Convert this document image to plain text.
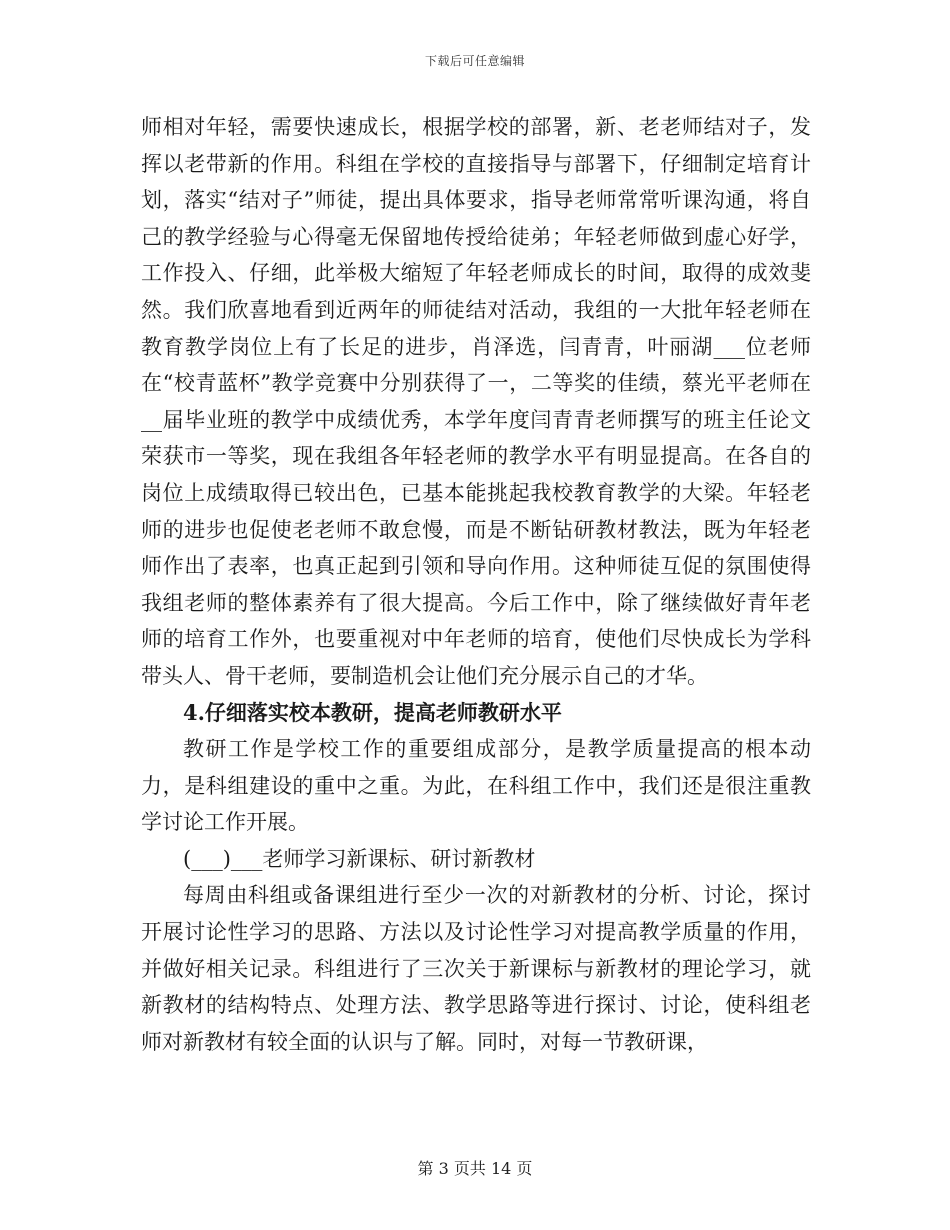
下载后可任意编辑

师相对年轻，需要快速成长，根据学校的部署，新、老老师结对子，发挥以老带新的作用。科组在学校的直接指导与部署下，仔细制定培育计划，落实“结对子”师徒，提出具体要求，指导老师常常听课沟通，将自己的教学经验与心得毫无保留地传授给徒弟；年轻老师做到虚心好学，工作投入、仔细，此举极大缩短了年轻老师成长的时间，取得的成效斐然。我们欣喜地看到近两年的师徒结对活动，我组的一大批年轻老师在教育教学岗位上有了长足的进步，肖泽选，闫青青，叶丽湖___位老师在“校青蓝杯”教学竞赛中分别获得了一，二等奖的佳绩，蔡光平老师在__届毕业班的教学中成绩优秀，本学年度闫青青老师撰写的班主任论文荣获市一等奖，现在我组各年轻老师的教学水平有明显提高。在各自的岗位上成绩取得已较出色，已基本能挑起我校教育教学的大梁。年轻老师的进步也促使老老师不敢怠慢，而是不断钻研教材教法，既为年轻老师作出了表率，也真正起到引领和导向作用。这种师徒互促的氛围使得我组老师的整体素养有了很大提高。今后工作中，除了继续做好青年老师的培育工作外，也要重视对中年老师的培育，使他们尽快成长为学科带头人、骨干老师，要制造机会让他们充分展示自己的才华。

4.仔细落实校本教研，提高老师教研水平

教研工作是学校工作的重要组成部分，是教学质量提高的根本动力，是科组建设的重中之重。为此，在科组工作中，我们还是很注重教学讨论工作开展。

(___)___老师学习新课标、研讨新教材

每周由科组或备课组进行至少一次的对新教材的分析、讨论，探讨开展讨论性学习的思路、方法以及讨论性学习对提高教学质量的作用，并做好相关记录。科组进行了三次关于新课标与新教材的理论学习，就新教材的结构特点、处理方法、教学思路等进行探讨、讨论，使科组老师对新教材有较全面的认识与了解。同时，对每一节教研课，

第 3 页共 14 页
